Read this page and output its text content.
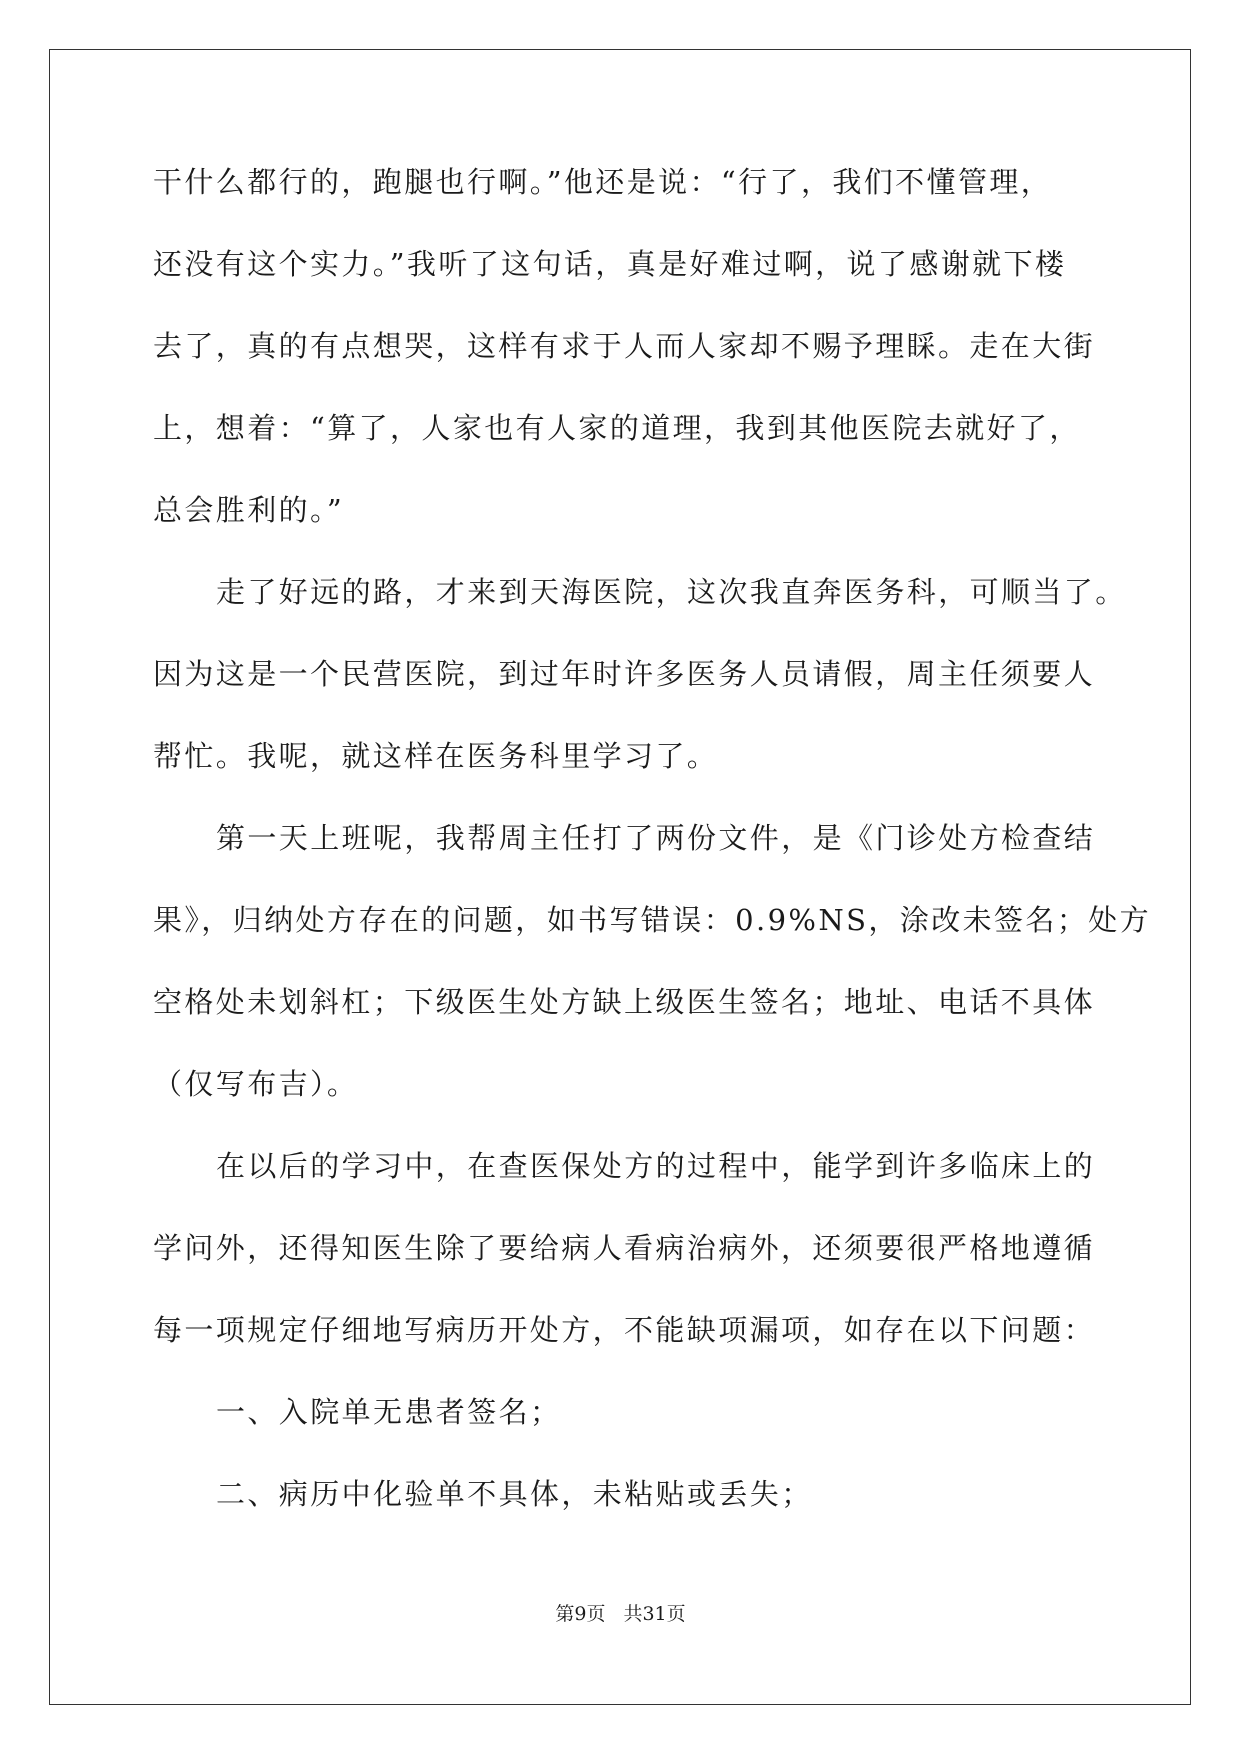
干什么都行的，跑腿也行啊。”他还是说：“行了，我们不懂管理，
还没有这个实力。”我听了这句话，真是好难过啊，说了感谢就下楼
去了，真的有点想哭，这样有求于人而人家却不赐予理睬。走在大街
上，想着：“算了，人家也有人家的道理，我到其他医院去就好了，
总会胜利的。”
走了好远的路，才来到天海医院，这次我直奔医务科，可顺当了。
因为这是一个民营医院，到过年时许多医务人员请假，周主任须要人
帮忙。我呢，就这样在医务科里学习了。
第一天上班呢，我帮周主任打了两份文件，是《门诊处方检查结
果》，归纳处方存在的问题，如书写错误：0.9%NS，涂改未签名；处方
空格处未划斜杠；下级医生处方缺上级医生签名；地址、电话不具体
（仅写布吉）。
在以后的学习中，在查医保处方的过程中，能学到许多临床上的
学问外，还得知医生除了要给病人看病治病外，还须要很严格地遵循
每一项规定仔细地写病历开处方，不能缺项漏项，如存在以下问题：
一、入院单无患者签名；
二、病历中化验单不具体，未粘贴或丢失；
第9页 共31页
